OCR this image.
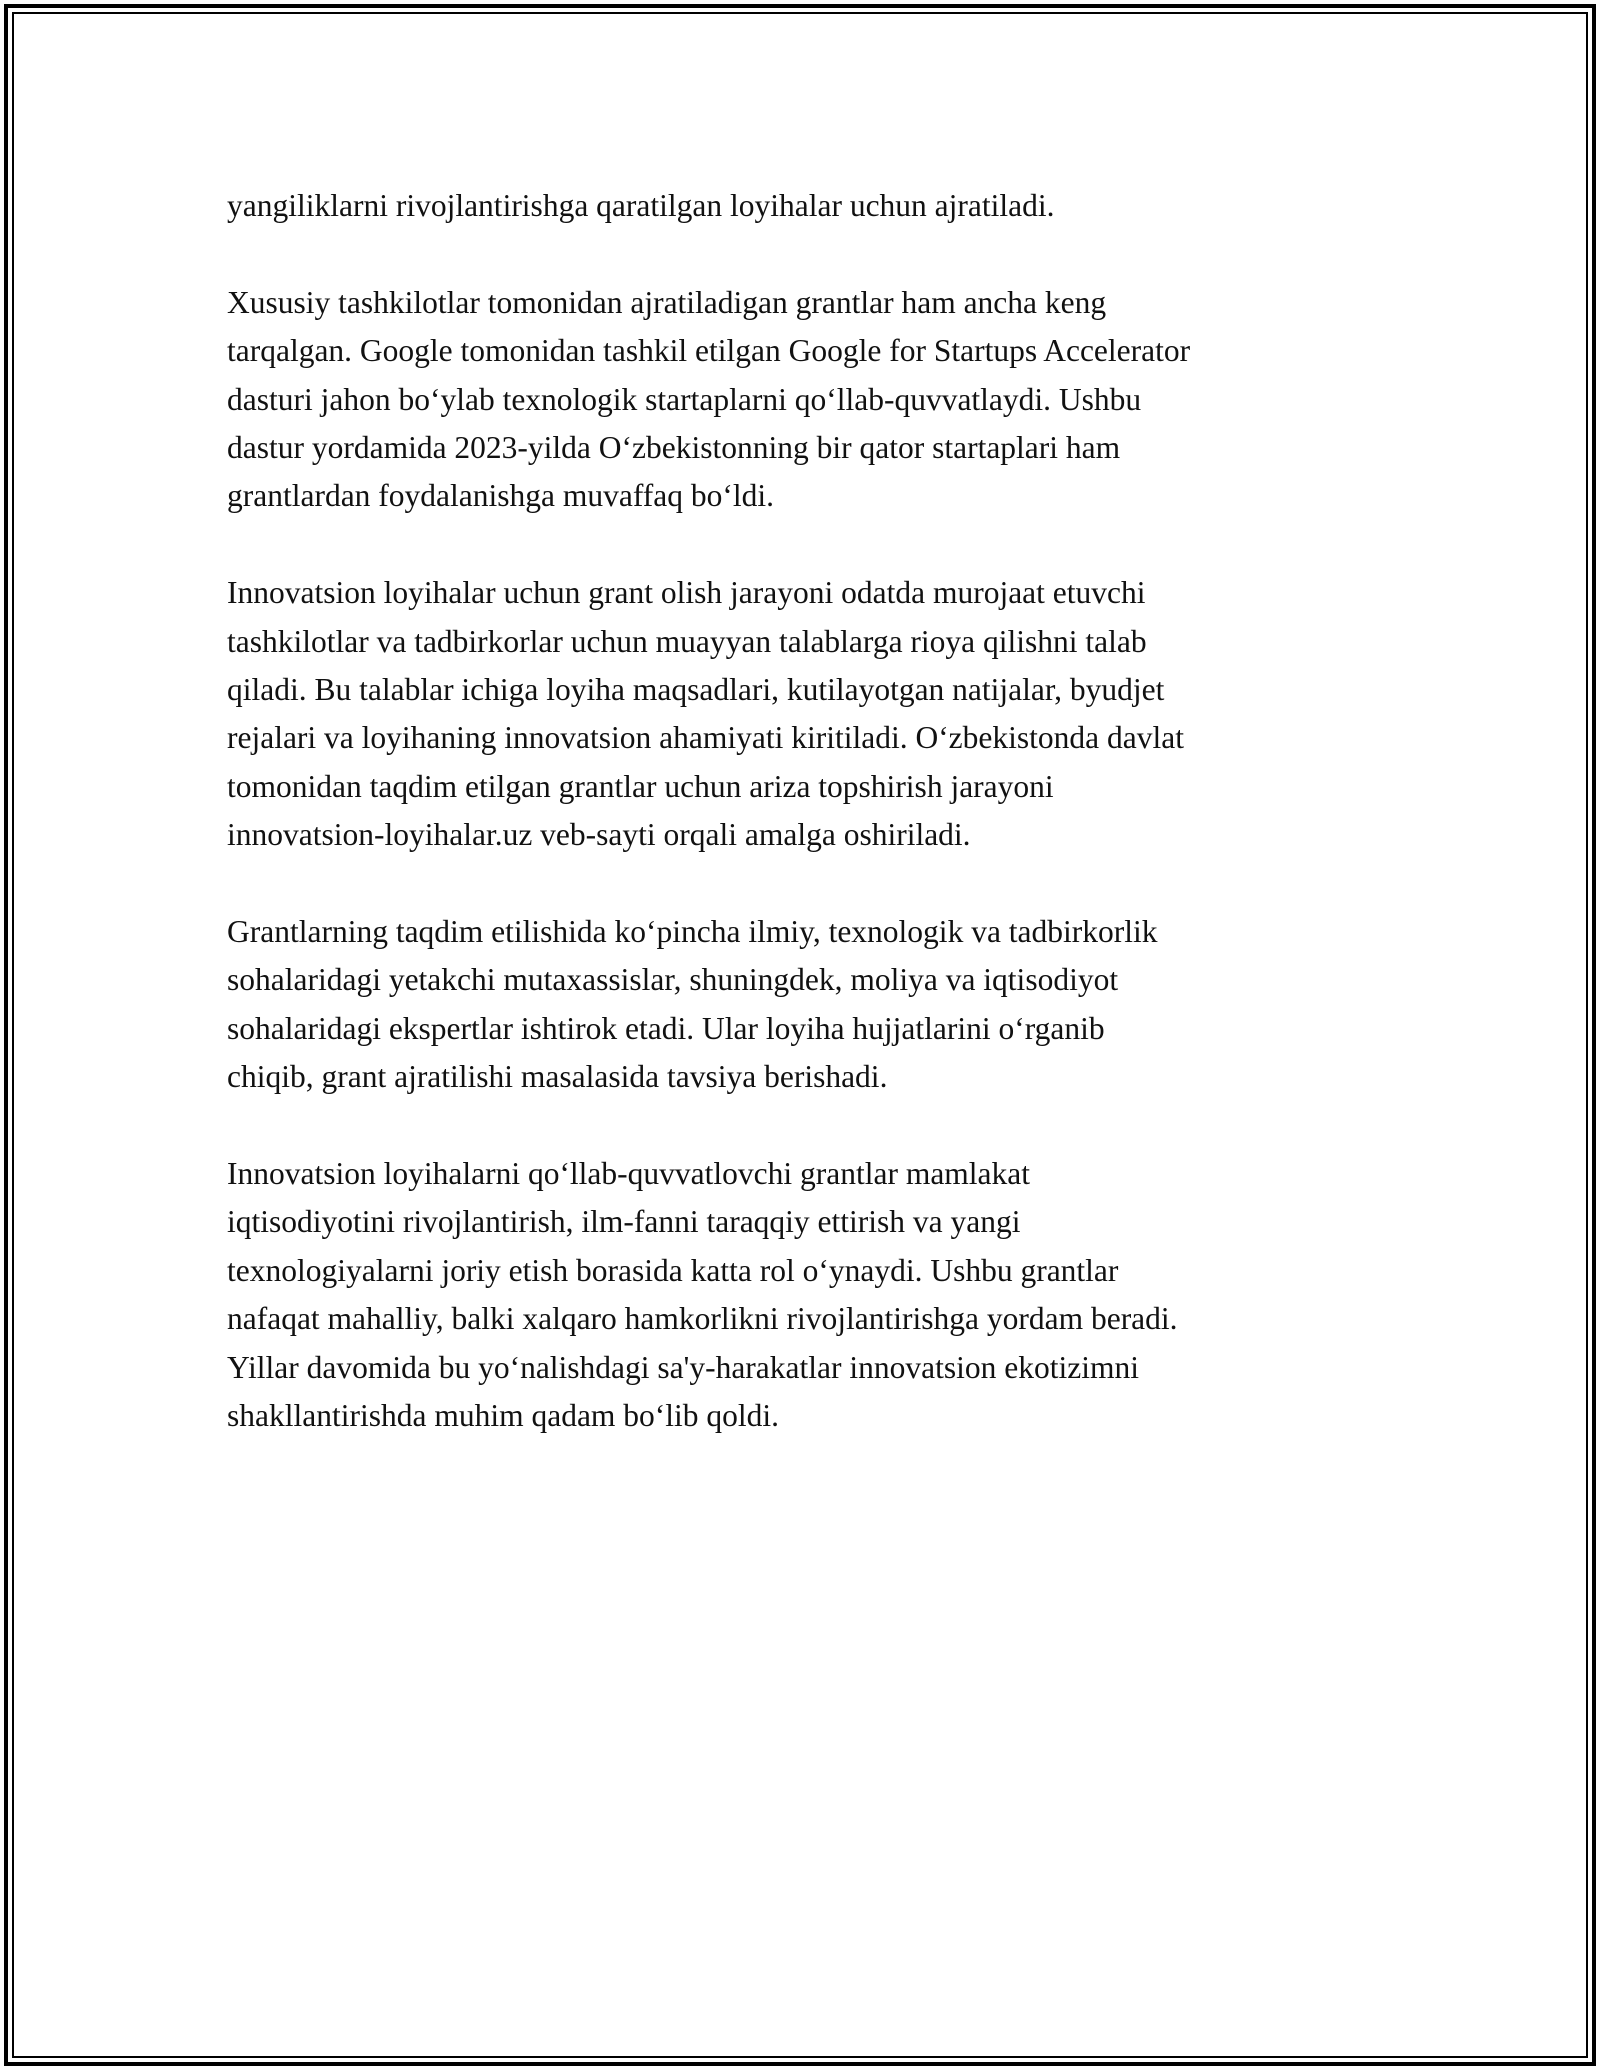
yangiliklarni rivojlantirishga qaratilgan loyihalar uchun ajratiladi.

Xususiy tashkilotlar tomonidan ajratiladigan grantlar ham ancha keng
tarqalgan. Google tomonidan tashkil etilgan Google for Startups Accelerator
dasturi jahon bo‘ylab texnologik startaplarni qo‘llab-quvvatlaydi. Ushbu
dastur yordamida 2023-yilda O‘zbekistonning bir qator startaplari ham
grantlardan foydalanishga muvaffaq bo‘ldi.

Innovatsion loyihalar uchun grant olish jarayoni odatda murojaat etuvchi
tashkilotlar va tadbirkorlar uchun muayyan talablarga rioya qilishni talab
qiladi. Bu talablar ichiga loyiha maqsadlari, kutilayotgan natijalar, byudjet
rejalari va loyihaning innovatsion ahamiyati kiritiladi. O‘zbekistonda davlat
tomonidan taqdim etilgan grantlar uchun ariza topshirish jarayoni
innovatsion-loyihalar.uz veb-sayti orqali amalga oshiriladi.

Grantlarning taqdim etilishida ko‘pincha ilmiy, texnologik va tadbirkorlik
sohalaridagi yetakchi mutaxassislar, shuningdek, moliya va iqtisodiyot
sohalaridagi ekspertlar ishtirok etadi. Ular loyiha hujjatlarini o‘rganib
chiqib, grant ajratilishi masalasida tavsiya berishadi.

Innovatsion loyihalarni qo‘llab-quvvatlovchi grantlar mamlakat
iqtisodiyotini rivojlantirish, ilm-fanni taraqqiy ettirish va yangi
texnologiyalarni joriy etish borasida katta rol o‘ynaydi. Ushbu grantlar
nafaqat mahalliy, balki xalqaro hamkorlikni rivojlantirishga yordam beradi.
Yillar davomida bu yo‘nalishdagi sa'y-harakatlar innovatsion ekotizimni
shakllantirishda muhim qadam bo‘lib qoldi.
